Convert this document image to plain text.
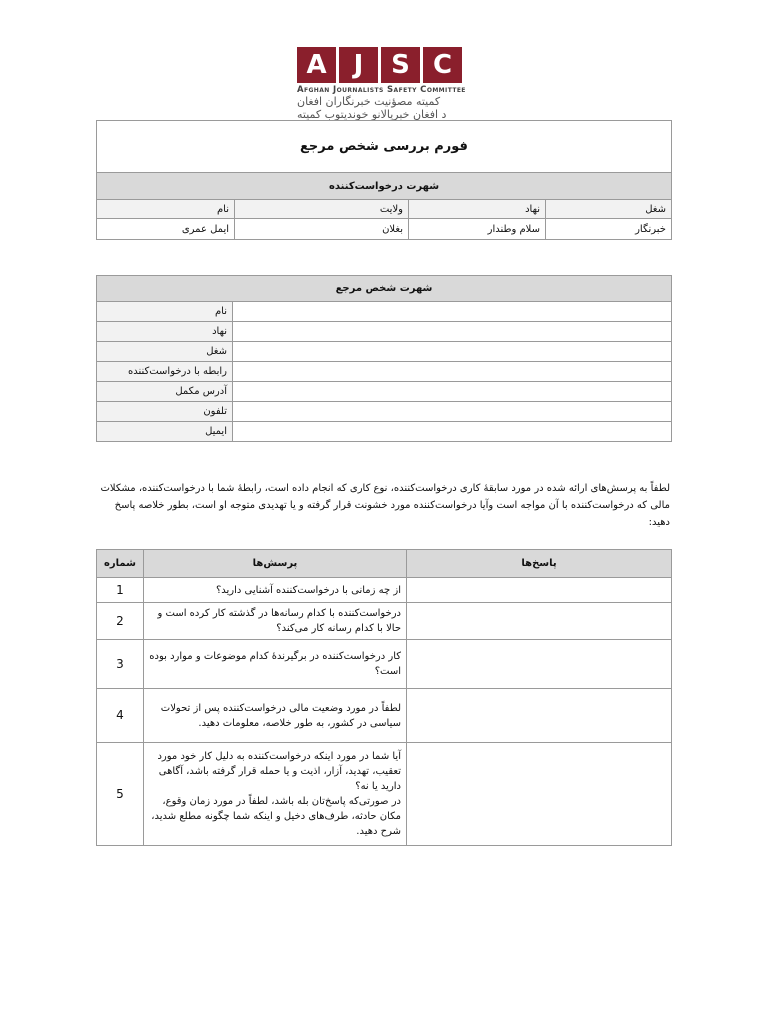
A	J	S C
Afghan Journalists Safety Committee
کمیته مصؤنیت خبرنگاران افغان
د افغان خبریالانو خوندیتوب کمیته
فورم بررسی شخص مرجع			
شهرت درخواست‌کننده			
نام	ولایت	نهاد	شغل
ایمل عمری	بغلان	سلام وطندار	خبرنگار
شهرت شخص مرجع	
نام	
نهاد	
شغل	
رابطه با درخواست‌کننده	
آدرس مکمل	
تلفون	
ایمیل	
لطفاً به پرسش‌های ارائه شده در مورد سابقهٔ کاری درخواست‌کننده، نوع کاری که انجام داده است، رابطهٔ شما با درخواست‌کننده، مشکلات مالی که درخواست‌کننده با آن مواجه است وآیا درخواست‌کننده مورد خشونت قرار گرفته و یا تهدیدی متوجه او است، بطور خلاصه پاسخ دهید:
شماره	پرسش‌ها	پاسخ‌ها
1	از چه زمانی با درخواست‌کننده آشنایی دارید؟	
2	درخواست‌کننده با کدام رسانه‌ها در گذشته کار کرده است و حالا با کدام رسانه کار می‌کند؟	
3	کار درخواست‌کننده در برگیرندهٔ کدام موضوعات و موارد بوده است؟	
4	لطفاً در مورد وضعیت مالی درخواست‌کننده پس از تحولات سیاسی در کشور، به طور خلاصه، معلومات دهید.	
5	آیا شما در مورد اینکه درخواست‌کننده به دلیل کار خود مورد تعقیب، تهدید، آزار، اذیت و یا حمله قرار گرفته باشد، آگاهی دارید یا نه؟
در صورتی‌که پاسخ‌تان بله باشد، لطفاً در مورد زمان وقوع، مکان حادثه، طرف‌های دخیل و اینکه شما چگونه مطلع شدید، شرح دهید.	
